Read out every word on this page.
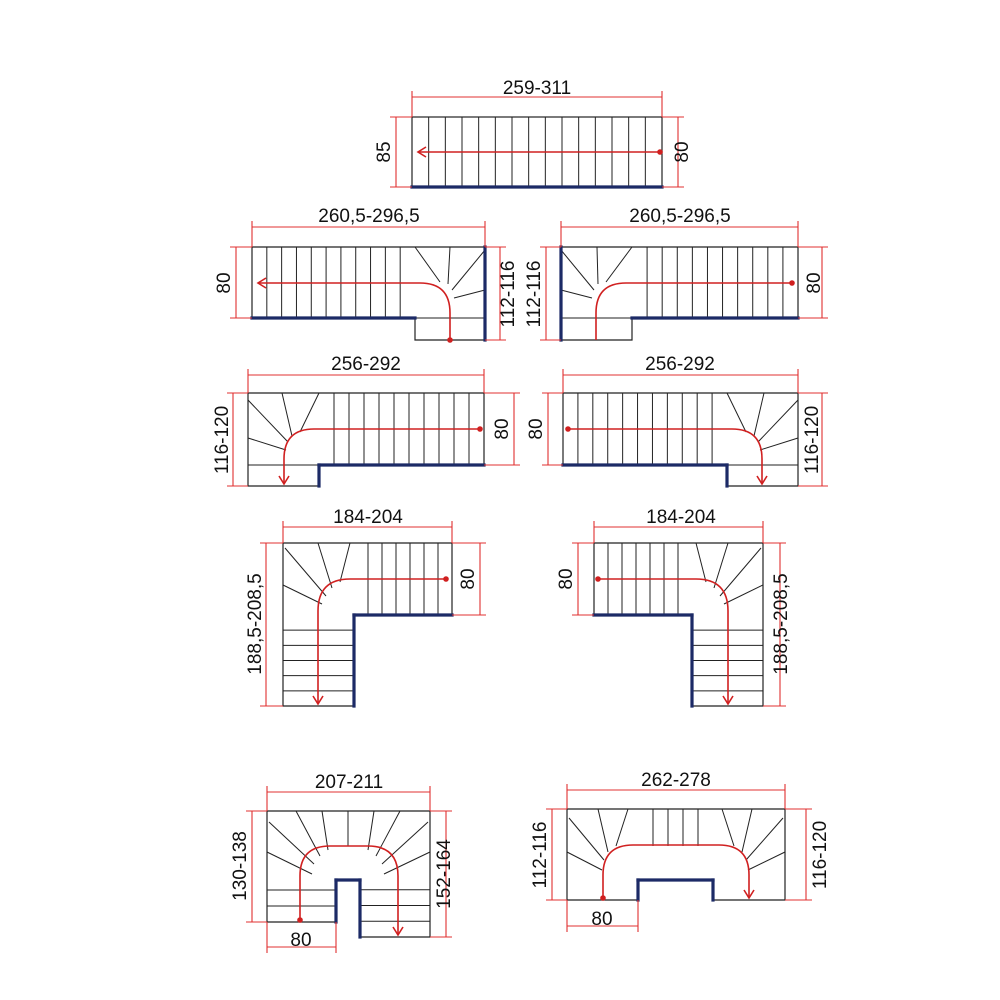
259-311
85	80
260,5-296,5
80	112-116
260,5-296,5
112-116	80
256-292
116-120	80
256-292
80	116-120
184-204
188,5-208,5	80
184-204
80	188,5-208,5
207-211
130-138	152-164
80
262-278
112-116	116-120
80
